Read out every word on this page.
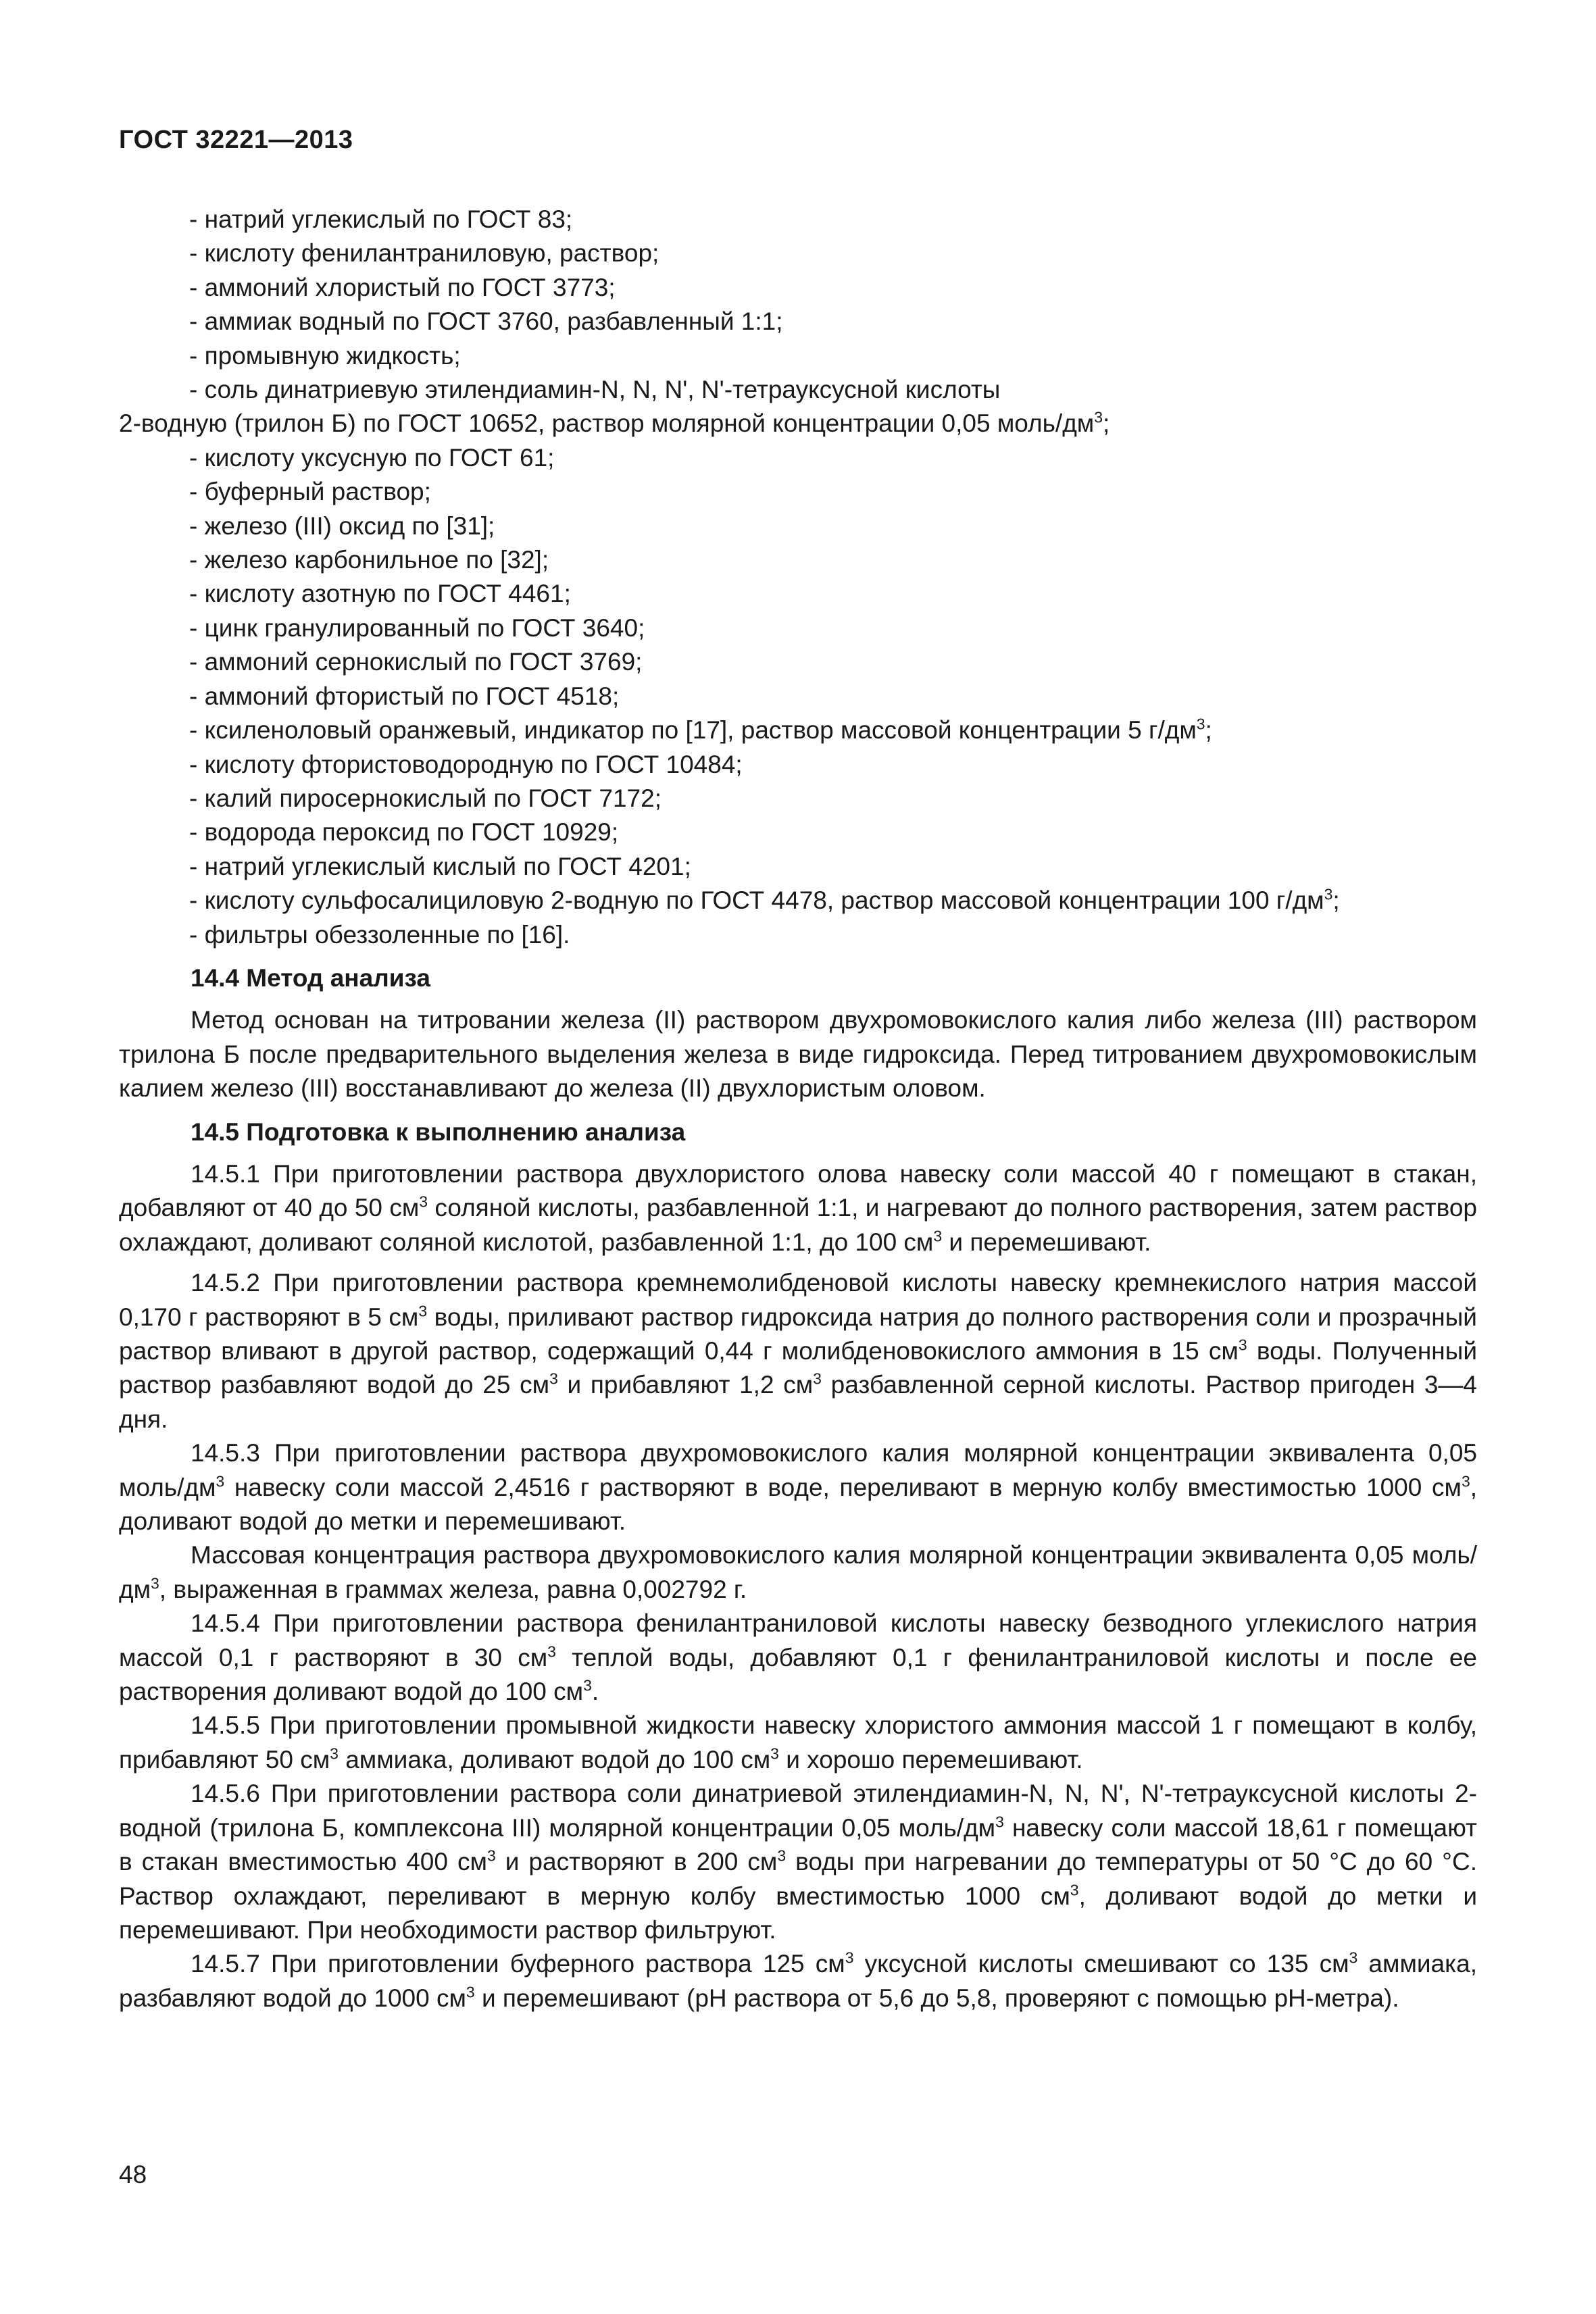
ГОСТ 32221—2013

- натрий углекислый по ГОСТ 83;

- кислоту фенилантраниловую, раствор;

- аммоний хлористый по ГОСТ 3773;

- аммиак водный по ГОСТ 3760, разбавленный 1:1;

- промывную жидкость;

- соль динатриевую этилендиамин-N, N, N', N'-тетрауксусной кислоты

2-водную (трилон Б) по ГОСТ 10652, раствор молярной концентрации 0,05 моль/$дм^3$;

- кислоту уксусную по ГОСТ 61;

- буферный раствор;

- железо (III) оксид по [31];

- железо карбонильное по [32];

- кислоту азотную по ГОСТ 4461;

- цинк гранулированный по ГОСТ 3640;

- аммоний сернокислый по ГОСТ 3769;

- аммоний фтористый по ГОСТ 4518;

- ксиленоловый оранжевый, индикатор по [17], раствор массовой концентрации 5 $г/дм^3$;

- кислоту фтористоводородную по ГОСТ 10484;

- калий пиросернокислый по ГОСТ 7172;

- водорода пероксид по ГОСТ 10929;

- натрий углекислый кислый по ГОСТ 4201;

- кислоту сульфосалициловую 2-водную по ГОСТ 4478, раствор массовой концентрации 100 $г/дм^3$;

- фильтры обеззоленные по [16].

14.4 Метод анализа

Метод основан на титровании железа (II) раствором двухромовокислого калия либо железа (III) раствором трилона Б после предварительного выделения железа в виде гидроксида. Перед титрованием двухромовокислым калием железо (III) восстанавливают до железа (II) двухлористым оловом.

14.5 Подготовка к выполнению анализа

14.5.1 При приготовлении раствора двухлористого олова навеску соли массой 40 г помещают в стакан, добавляют от 40 до 50 $см^3$ соляной кислоты, разбавленной 1:1, и нагревают до полного растворения, затем раствор охлаждают, доливают соляной кислотой, разбавленной 1:1, до 100 $см^3$ и перемешивают.

14.5.2 При приготовлении раствора кремнемолибденовой кислоты навеску кремнекислого натрия массой 0,170 г растворяют в 5 $см^3$ воды, приливают раствор гидроксида натрия до полного растворения соли и прозрачный раствор вливают в другой раствор, содержащий 0,44 г молибденовокислого аммония в 15 $см^3$ воды. Полученный раствор разбавляют водой до 25 $см^3$ и прибавляют 1,2 $см^3$ разбавленной серной кислоты. Раствор пригоден 3—4 дня.

14.5.3 При приготовлении раствора двухромовокислого калия молярной концентрации эквивалента 0,05 моль/$дм^3$ навеску соли массой 2,4516 г растворяют в воде, переливают в мерную колбу вместимостью 1000 $см^3$, доливают водой до метки и перемешивают.

Массовая концентрация раствора двухромовокислого калия молярной концентрации эквивалента 0,05 моль/$дм^3$, выраженная в граммах железа, равна 0,002792 г.

14.5.4 При приготовлении раствора фенилантраниловой кислоты навеску безводного углекислого натрия массой 0,1 г растворяют в 30 $см^3$ теплой воды, добавляют 0,1 г фенилантраниловой кислоты и после ее растворения доливают водой до 100 $см^3$.

14.5.5 При приготовлении промывной жидкости навеску хлористого аммония массой 1 г помещают в колбу, прибавляют 50 $см^3$ аммиака, доливают водой до 100 $см^3$ и хорошо перемешивают.

14.5.6 При приготовлении раствора соли динатриевой этилендиамин-N, N, N', N'-тетрауксусной кислоты 2-водной (трилона Б, комплексона III) молярной концентрации 0,05 моль/$дм^3$ навеску соли массой 18,61 г помещают в стакан вместимостью 400 $см^3$ и растворяют в 200 $см^3$ воды при нагревании до температуры от 50 °С до 60 °С. Раствор охлаждают, переливают в мерную колбу вместимостью 1000 $см^3$, доливают водой до метки и перемешивают. При необходимости раствор фильтруют.

14.5.7 При приготовлении буферного раствора 125 $см^3$ уксусной кислоты смешивают со 135 $см^3$ аммиака, разбавляют водой до 1000 $см^3$ и перемешивают (pH раствора от 5,6 до 5,8, проверяют с помощью pH-метра).

48
